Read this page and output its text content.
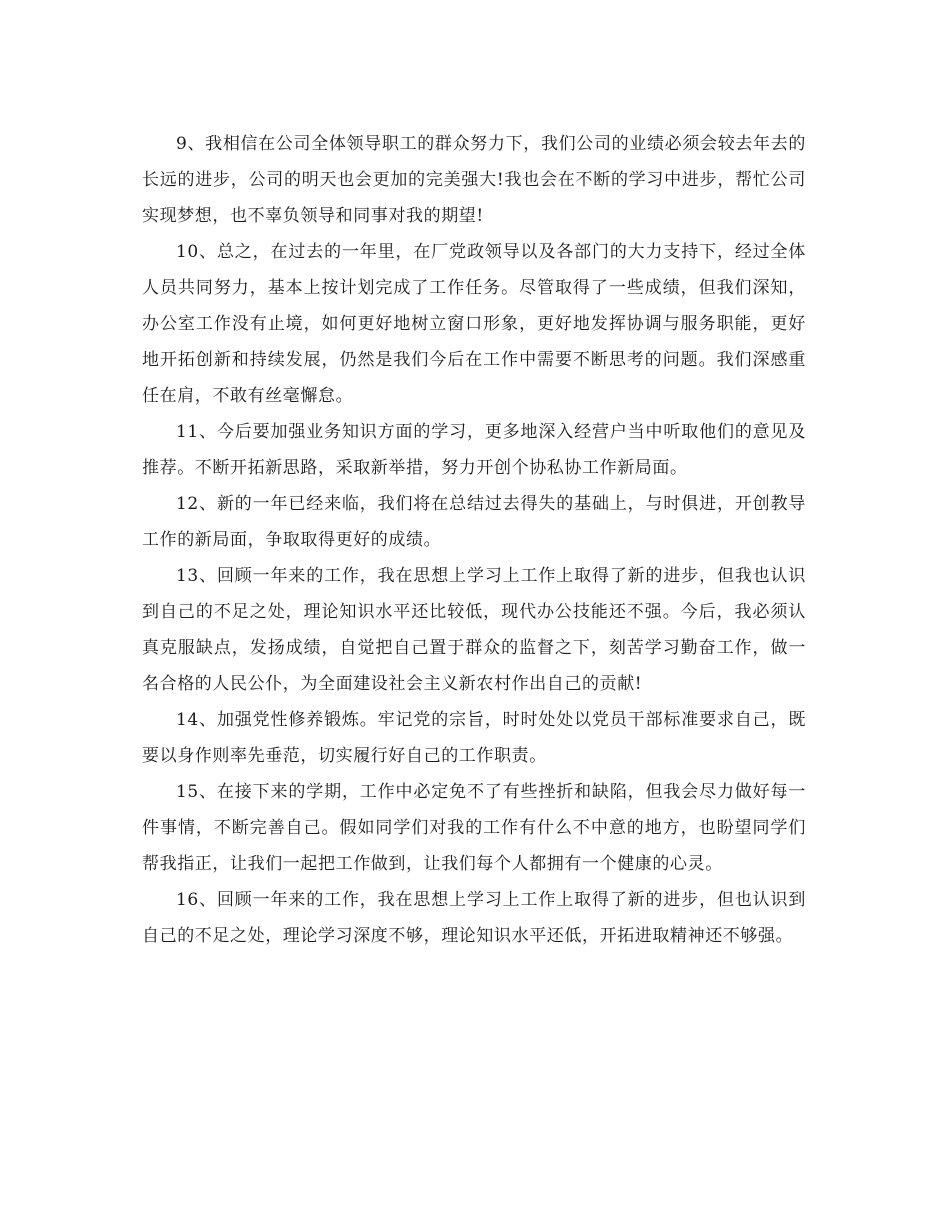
9、我相信在公司全体领导职工的群众努力下，我们公司的业绩必须会较去年去的长远的进步，公司的明天也会更加的完美强大!我也会在不断的学习中进步，帮忙公司实现梦想，也不辜负领导和同事对我的期望!

10、总之，在过去的一年里，在厂党政领导以及各部门的大力支持下，经过全体人员共同努力，基本上按计划完成了工作任务。尽管取得了一些成绩，但我们深知，办公室工作没有止境，如何更好地树立窗口形象，更好地发挥协调与服务职能，更好地开拓创新和持续发展，仍然是我们今后在工作中需要不断思考的问题。我们深感重任在肩，不敢有丝毫懈怠。

11、今后要加强业务知识方面的学习，更多地深入经营户当中听取他们的意见及推荐。不断开拓新思路，采取新举措，努力开创个协私协工作新局面。

12、新的一年已经来临，我们将在总结过去得失的基础上，与时俱进，开创教导工作的新局面，争取取得更好的成绩。

13、回顾一年来的工作，我在思想上学习上工作上取得了新的进步，但我也认识到自己的不足之处，理论知识水平还比较低，现代办公技能还不强。今后，我必须认真克服缺点，发扬成绩，自觉把自己置于群众的监督之下，刻苦学习勤奋工作，做一名合格的人民公仆，为全面建设社会主义新农村作出自己的贡献!

14、加强党性修养锻炼。牢记党的宗旨，时时处处以党员干部标准要求自己，既要以身作则率先垂范，切实履行好自己的工作职责。

15、在接下来的学期，工作中必定免不了有些挫折和缺陷，但我会尽力做好每一件事情，不断完善自己。假如同学们对我的工作有什么不中意的地方，也盼望同学们帮我指正，让我们一起把工作做到，让我们每个人都拥有一个健康的心灵。

16、回顾一年来的工作，我在思想上学习上工作上取得了新的进步，但也认识到自己的不足之处，理论学习深度不够，理论知识水平还低，开拓进取精神还不够强。
